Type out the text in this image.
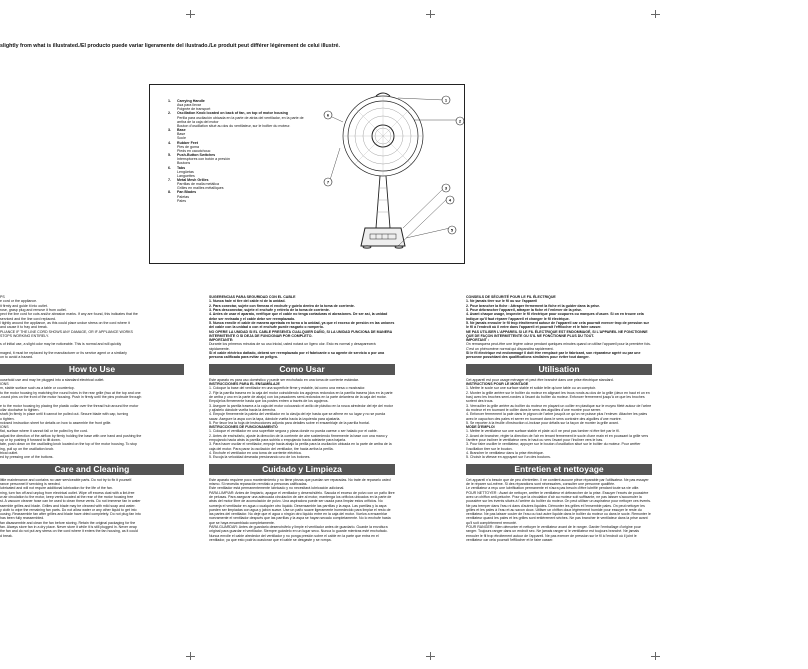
slightly from what is illustrated./El producto puede variar ligeramente del ilustrado./Le produit peut différer légèrement de celui illustré.
1.	Carrying Handle
Asa para llevar
Poignée de transport
2.	Oscillation Knob located on back of fan, on top of motor housing
Perilla para oscilación ubicada en la parte de atrás del ventilador, en la parte de arriba de la caja del motor
Bouton d'oscillation situé au dos du ventilateur, sur le boîtier du moteur.
3.	Base
Base
Socle
4.	Rubber Feet
Pies de goma
Pieds en caoutchouc
5.	Push-Button Switches
Interruptores con botón a presión
Boutons
6.	Tabs
Lengüetas
Languettes
7.	Metal Mesh Grilles
Parrillas de malla metálica
Grilles en mailles métalliques
8.	Fan Blades
Paletas
Pales
1
2
3
4
5
6
7

PS

e cord or the appliance.

it firmly and guide it into outlet.

rose, grasp plug and remove it from outlet.

pect the line cord for cuts and/or abrasion marks. If any are found, this indicates that the

serviced and the line cord replaced.

l tightly around the appliance, as this could place undue stress on the cord where it

and cause it to fray and break.

PLIANCE IF THE LINE CORD SHOWS ANY DAMAGE, OR IF APPLIANCE WORKS

STOPS WORKING ENTIRELY.

s of initial use, a slight odor may be noticeable. This is normal and will quickly

maged, it must be replaced by the manufacturer or its service agent or a similarly

on to avoid a hazard.

How to Use

ousehold use and may be plugged into a standard electrical outlet.

IONS

m, stable surface such as a table or countertop.

to the motor housing by matching the round holes in the rear grille (two at the top and one

-round pins on the front of the motor housing. Push in firmly until the pins protrude through

e to the motor housing by placing the plastic collar over the thread hub around the motor

ollar clockwise to tighten.

shaft (in firmly in place until it cannot be pulled out. Secure blade with cap, turning

o tighten.

nclosed instruction sheet for details on how to assemble the front grille.

IONS

flat, surface where it cannot fall or be pulled by the cord.

adjust the direction of the airflow by firmly holding the base with one hand and pushing the

up or by pushing it forward to tilt down.

tate, push down on the oscillating knob located on the top of the motor housing. To stop

ing, pull up on the oscillation knob.

trical outlet.

ed by pressing one of the buttons.

Care and Cleaning

little maintenance and contains no user serviceable parts. Do not try to fix it yourself.

rance personnel if servicing is needed.

lubricated and will not require additional lubrication for the life of the fan.

ning, turn fan off and unplug from electrical outlet. Wipe off excess dust with a lint-free

w air circulation to the motor, keep vents located at the rear of the motor housing free

st. A vacuum cleaner hose can be used to clean these vents. Do not immerse fan in water

ssemble grilles and blade. Grilles and blade may be cleaned with mild soap and water.

y cloth to wipe the remaining fan parts. Do not allow water or any other liquid to get into

ousing. Reassemble fan after grilles and blade have dried completely. Do not plug fan into

has been fully reassembled.

fan disassemble and clean the fan before storing. Retain the original packaging for the

fan. Always store fan in a dry place. Never store it while it is still plugged in. Never wrap

the fan and do not put any stress on the cord where it enters the fan housing, as it could

d break.

SUGERENCIAS PARA SEGURIDAD CON EL CABLE

1. Nunca hale ni tire del cable ni de la unidad.

2. Para conectar, sujete con firmeza el enchufe y guíelo dentro de la toma de corriente.

3. Para desconectar, sujete el enchufe y retírelo de la toma de corriente.

4. Antes de usar el aparato, verifique que el cable no tenga cortaduras ni abrasiones. De ser así, la unidad debe ser revisada y el cable debe ser reemplazado.

5. Nunca enrolle el cable de manera apretada en torno a la unidad, ya que el exceso de presión en las uniones del cable con la unidad o con el enchufe puede rasgarlo o romperlo.

NO OPERE LA UNIDAD SI EL CABLE PRESENTA CUALQUIER DAÑO, SI LA UNIDAD FUNCIONA DE MANERA INTERMITENTE O SI DEJA DE FUNCIONAR POR COMPLETO.

IMPORTANTE:

Durante los primeros minutos de su uso inicial, usted notará un ligero olor. Esto es normal y desaparecerá rápidamente.

Si el cable eléctrico dañado, deberá ser reemplazado por el fabricante o su agente de servicio o por una persona calificada para evitar un peligro.

Como Usar

Este aparato es para uso doméstico y puede ser enchufado en una toma de corriente estándar.

INSTRUCCIONES PARA EL ENSAMBLAJE

1. Coloque la base del ventilador en una superficie firme y estable, tal como una mesa o mostrador.

2. Fije la parrilla trasera en la caja del motor coincidiendo los agujeros redondos en la parrilla trasera (dos en la parte de arriba y uno en la parte de abajo) con los pasadores semi-redondos en la parte delantera de la caja del motor. Empújelos firmemente hasta que los postes entren a través de los agujeros.

3. Asegure la parrilla trasera a la caja del motor colocando el anillo de plástico en la rosca alrededor del eje del motor y ajústelo dándole vuelta hacia la derecha.

4. Empuje firmemente la paleta del ventilador en la clavija del eje hasta que se afirme en su lugar y no se pueda sacar. Asegure la aspa con la tapa, dándole vuelta hacia la izquierda para ajustarla.

5. Por favor lea la hoja de instrucciones adjunta para detalles sobre el ensamblaje de la parrilla frontal.

INSTRUCCIONES DE FUNCIONAMIENTO

1. Coloque el ventilador en una superficie segura y plana donde no pueda caerse o ser halado por el cable.

2. Antes de enchufarlo, ajuste la dirección de la corriente de aire sosteniendo firmemente la base con una mano y empujando hacia atrás la parrilla para subirla o empujando hacia adelante para bajarla.

3. Para hacer oscilar el ventilador, empuje hacia abajo la perilla para la oscilación ubicada en la parte de arriba de la caja del motor. Para parar la oscilación del ventilador, tire hacia arriba la perilla.

4. Enchufe el ventilador en una toma de corriente eléctrica.

5. Escoja la velocidad deseada presionando uno de los botones.

Cuidado y Limpieza

Este aparato requiere poco mantenimiento y no tiene piezas que puedan ser reparadas. No trate de repararlo usted mismo. Si necesita reparación remítalo a personas calificadas.

Este ventilador está permanentemente lubricado y no necesitará lubricación adicional.

PARA LIMPIAR: Antes de limpiarlo, apague el ventilador y desenchúfelo. Sacuda el exceso de polvo con un paño libre de pelusas. Para asegurar una adecuada circulación de aire al motor, mantenga los orificios ubicados en la parte de atrás del motor libre de acumulación de polvo. Una aspiradora puede ser usada para limpiar estos orificios. No sumerja el ventilador en agua o cualquier otro líquido. Desensamble las parrillas y la aspa. Las parrillas y la aspa pueden ser limpiadas con agua y jabón suave. Use un paño suave ligeramente humedecido para limpiar el resto de las partes del ventilador. No deje que el agua o ningún otro líquido entre en la caja del motor. Vuelva a ensamblar nuevamente el ventilador después que las parrillas y la aspa se hayan secado completamente. No lo enchufe hasta que se haya ensamblado completamente.

PARA GUARDAR: Antes de guardarlo desenchúfelo y limpie el ventilador antes de guardarlo. Guarde la envoltura original para guardar el ventilador. Siempre guárdelo en un lugar seco. Nunca lo guarde mientras esté enchufado. Nunca enrolle el cable alrededor del ventilador y no ponga presión sobre el cable en la parte que entra en el ventilador, ya que esto podría ocasionar que el cable se desgaste y se rompa.

CONSEILS DE SÉCURITÉ POUR LE FIL ÉLECTRIQUE

1. Ne jamais tirer sur le fil ou sur l'appareil

2. Pour brancher la fiche : Attraper fermement la fiche et la guider dans la prise.

3. Pour débrancher l'appareil, attraper la fiche et l'enlever de la prise.

4. Avant chaque usage, inspecter le fil électrique pour coupures ou marques d'usure. Si on en trouve cela indique qu'il faut réparer l'appareil et changer le fil électrique.

5. Ne jamais enrouler le fil trop étroitement autour de l'appareil car cela pourrait exercer trop de pression sur le fil à l'endroit où il entre dans l'appareil et pourrait l'effilocher et le faire casser.

NE PAS UTILISER L'APPAREIL SI LE FIL ÉLECTRIQUE EST ENDOMMAGÉ, SI L'APPAREIL NE FONCTIONNE QUE DE FAÇON INTERMITTENTE OU S'IL NE FONCTIONNE PLUS DU TOUT.

IMPORTANT :

On remarquera peut-être une légère odeur pendant quelques minutes quand on utilise l'appareil pour la première fois. C'est un phénomène normal qui disparaîtra rapidement.

Si le fil électrique est endommagé il doit être remplacé par le fabricant, son réparateur agréé ou par une personne possédant des qualifications similaires pour éviter tout danger.

Utilisation

Cet appareil est pour usage ménager et peut être branché dans une prise électrique standard.

INSTRUCTIONS POUR LE MONTAGE

1. Mettre le socle sur une surface stable et solide telle qu'une table ou un comptoir.

2. Monter la grille arrière sur le boîtier du moteur en alignant les trous ronds au dos de la grille (deux en haut et un en bas) avec les broches semi-rondes à l'avant du boîtier du moteur. Enfoncer fermement jusqu'à ce que les broches sortent des trous.

3. Verrouiller la grille arrière au boîtier du moteur en plaçant un collier en plastique sur le moyeu fileté autour de l'arbre du moteur et en tournant le collier dans le sens des aiguilles d'une montre pour serrer.

4. Enfoncer fermement la pale dans le pignon de l'arbre jusqu'à ce qu'on ne puisse plus l'enlever. Attacher les pales avec le capuchon des pales et serrer en tournant dans le sens contraire des aiguilles d'une montre.

5. Se reporter à la feuille d'instruction ci-incluse pour détails sur la façon de monter la grille avant.

MODE D'EMPLOI

1. Mettre le ventilateur sur une surface stable et plate où il ne peut pas tomber ni être tiré par le fil.

2. Avant de brancher, régler la direction de l'air en tenant fermement le socle d'une main et en poussant la grille vers l'arrière pour incliner le ventilateur vers le haut ou vers l'avant pour l'incliner vers le bas.

3. Pour faire osciller le ventilateur, appuyer sur le bouton d'oscillation situé sur le boîtier du moteur. Pour arrêter l'oscillation tirer sur le bouton.

4. Brancher le ventilateur dans la prise électrique.

5. Choisir la vitesse en appuyant sur l'un des boutons.

Entretien et nettoyage

Cet appareil n'a besoin que de peu d'entretien. Il ne contient aucune pièce réparable par l'utilisateur. Ne pas essayer de le réparer soi-même. Si des réparations sont nécessaires, consulter une personne qualifiée.

Le ventilateur a reçu une lubrification permanente et n'aura pas besoin d'être lubrifié pendant toute sa vie utile.

POUR NETTOYER : Avant de nettoyer, arrêter le ventilateur et débrancher de la prise. Essuyer l'excès de poussière avec un chiffon anti-peluche. Pour que la circulation d'air au moteur soit suffisante, ne pas laisser s'accumuler la poussière sur les évents situés à l'arrière du boîtier du moteur. On peut utiliser un aspirateur pour nettoyer ces évents. Ne pas tremper dans l'eau ni dans d'autres liquides. Démonter les grilles et l'ensemble pales. On peut nettoyer les grilles et les pales à l'eau et au savon doux. Utiliser un chiffon doux légèrement humide pour essuyer le reste du ventilateur. Ne pas laisser couler de l'eau ou tout autre liquide dans le boîtier du moteur ou dans le socle. Remonter le ventilateur quand les pales et les grilles sont entièrement sèches. Ne pas brancher le ventilateur dans la prise avant qu'il soit complètement remonté.

POUR RANGER : Bien démonter et nettoyer le ventilateur avant de le ranger. Garder l'emballage d'origine pour ranger. Toujours ranger dans un endroit sec. Ne jamais ranger si le ventilateur est toujours branché. Ne jamais enrouler le fil trop étroitement autour de l'appareil. Ne pas exercer de pression sur le fil à l'endroit où il joint le ventilateur car cela pourrait l'effilocher et le faire casser.
